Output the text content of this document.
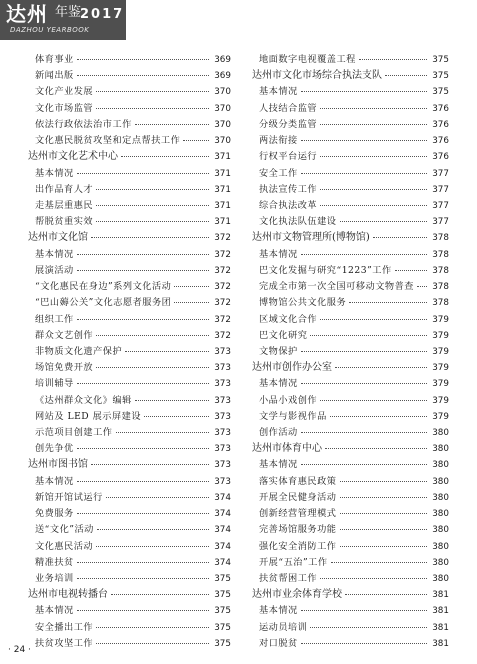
达州 年鉴
2017
DAZHOU YEARBOOK
体育事业	369
新闻出版	369
文化产业发展	370
文化市场监管	370
依法行政依法治市工作	370
文化惠民脱贫攻坚和定点帮扶工作	370
达州市文化艺术中心	371
基本情况	371
出作品育人才	371
走基层重惠民	371
帮脱贫重实效	371
达州市文化馆	372
基本情况	372
展演活动	372
“文化惠民在身边”系列文化活动	372
“巴山薅公关”文化志愿者服务团	372
组织工作	372
群众文艺创作	372
非物质文化遗产保护	373
场馆免费开放	373
培训辅导	373
《达州群众文化》编辑	373
网站及 LED 展示屏建设	373
示范项目创建工作	373
创先争优	373
达州市图书馆	373
基本情况	373
新馆开馆试运行	374
免费服务	374
送“文化”活动	374
文化惠民活动	374
精准扶贫	374
业务培训	375
达州市电视转播台	375
基本情况	375
安全播出工作	375
扶贫攻坚工作	375
地面数字电视覆盖工程	375
达州市文化市场综合执法支队	375
基本情况	375
人技结合监管	376
分级分类监管	376
两法衔接	376
行权平台运行	376
安全工作	377
执法宣传工作	377
综合执法改革	377
文化执法队伍建设	377
达州市文物管理所(博物馆)	378
基本情况	378
巴文化发掘与研究“1223”工作	378
完成全市第一次全国可移动文物普查 378
博物馆公共文化服务	378
区域文化合作	379
巴文化研究	379
文物保护	379
达州市创作办公室	379
基本情况	379
小品小戏创作	379
文学与影视作品	379
创作活动	380
达州市体育中心	380
基本情况	380
落实体育惠民政策	380
开展全民健身活动	380
创新经营管理模式	380
完善场馆服务功能	380
强化安全消防工作	380
开展“五治”工作	380
扶贫帮困工作	380
达州市业余体育学校	381
基本情况	381
运动员培训	381
对口脱贫	381
· 24 ·
